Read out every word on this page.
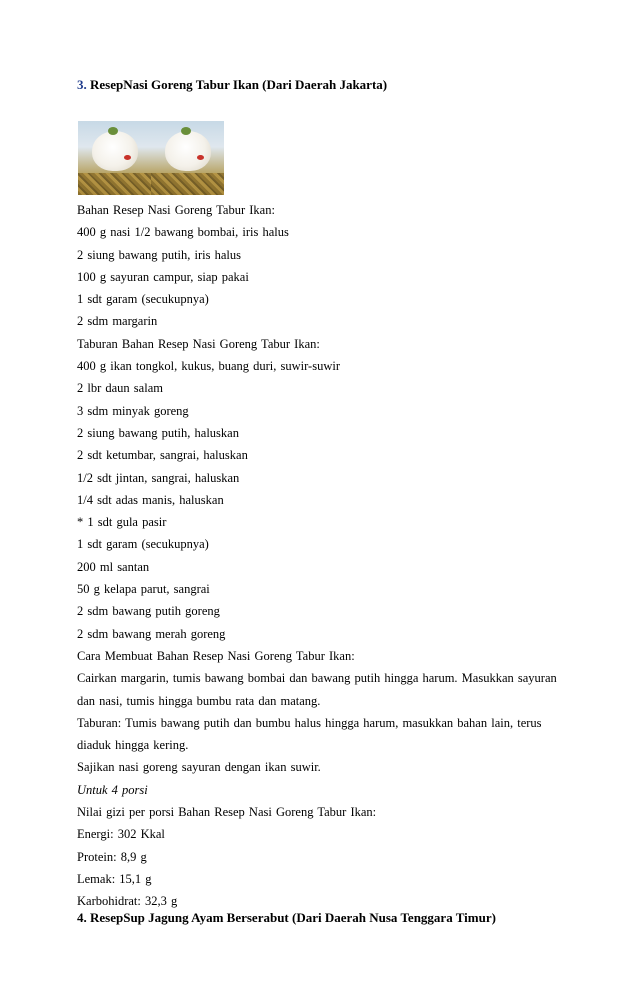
3. ResepNasi Goreng Tabur Ikan (Dari Daerah Jakarta)
Bahan Resep Nasi Goreng Tabur Ikan:
400 g nasi 1/2 bawang bombai, iris halus
2 siung bawang putih, iris halus
100 g sayuran campur, siap pakai
1 sdt garam (secukupnya)
2 sdm margarin
Taburan Bahan Resep Nasi Goreng Tabur Ikan:
400 g ikan tongkol, kukus, buang duri, suwir-suwir
2 lbr daun salam
3 sdm minyak goreng
2 siung bawang putih, haluskan
2 sdt ketumbar, sangrai, haluskan
1/2 sdt jintan, sangrai, haluskan
1/4 sdt adas manis, haluskan
* 1 sdt gula pasir
1 sdt garam (secukupnya)
200 ml santan
50 g kelapa parut, sangrai
2 sdm bawang putih goreng
2 sdm bawang merah goreng
Cara Membuat Bahan Resep Nasi Goreng Tabur Ikan:
Cairkan margarin, tumis bawang bombai dan bawang putih hingga harum. Masukkan sayuran
dan nasi, tumis hingga bumbu rata dan matang.
Taburan: Tumis bawang putih dan bumbu halus hingga harum, masukkan bahan lain, terus
diaduk hingga kering.
Sajikan nasi goreng sayuran dengan ikan suwir.
Untuk 4 porsi
Nilai gizi per porsi Bahan Resep Nasi Goreng Tabur Ikan:
Energi: 302 Kkal
Protein: 8,9 g
Lemak: 15,1 g
Karbohidrat: 32,3 g
4. ResepSup Jagung Ayam Berserabut (Dari Daerah Nusa Tenggara Timur)
